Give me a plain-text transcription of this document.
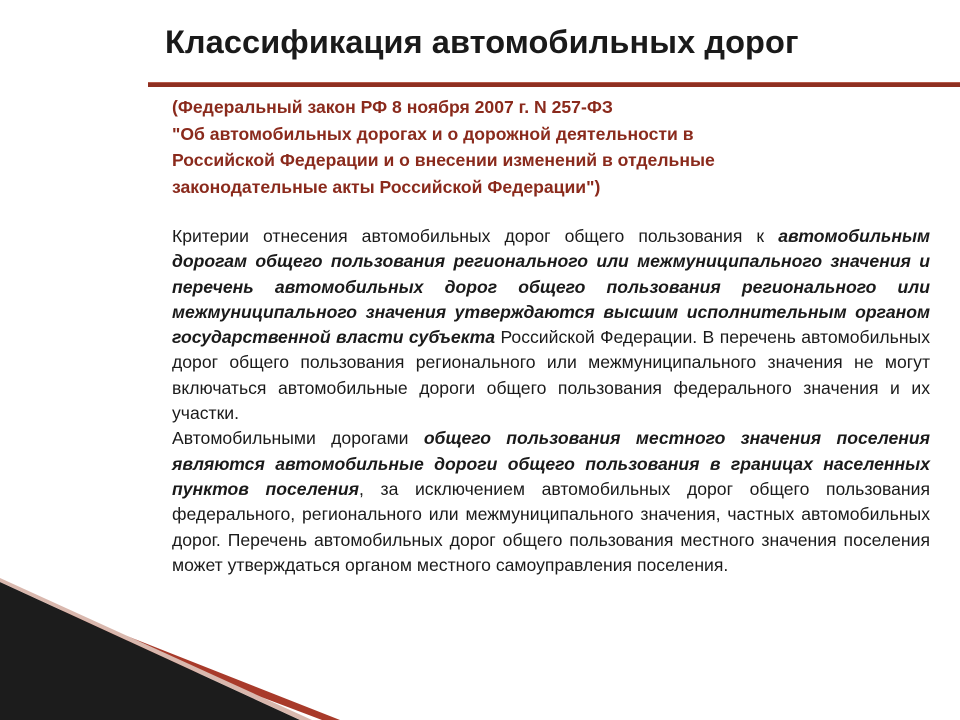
Классификация автомобильных дорог
(Федеральный закон РФ 8 ноября 2007 г. N 257-ФЗ
"Об автомобильных дорогах и о дорожной деятельности в
Российской Федерации и о внесении изменений в отдельные
законодательные акты Российской Федерации")

Критерии отнесения автомобильных дорог общего пользования к автомобильным дорогам общего пользования регионального или межмуниципального значения и перечень автомобильных дорог общего пользования регионального или межмуниципального значения утверждаются высшим исполнительным органом государственной власти субъекта Российской Федерации. В перечень автомобильных дорог общего пользования регионального или межмуниципального значения не могут включаться автомобильные дороги общего пользования федерального значения и их участки.

Автомобильными дорогами общего пользования местного значения поселения являются автомобильные дороги общего пользования в границах населенных пунктов поселения, за исключением автомобильных дорог общего пользования федерального, регионального или межмуниципального значения, частных автомобильных дорог. Перечень автомобильных дорог общего пользования местного значения поселения может утверждаться органом местного самоуправления поселения.
